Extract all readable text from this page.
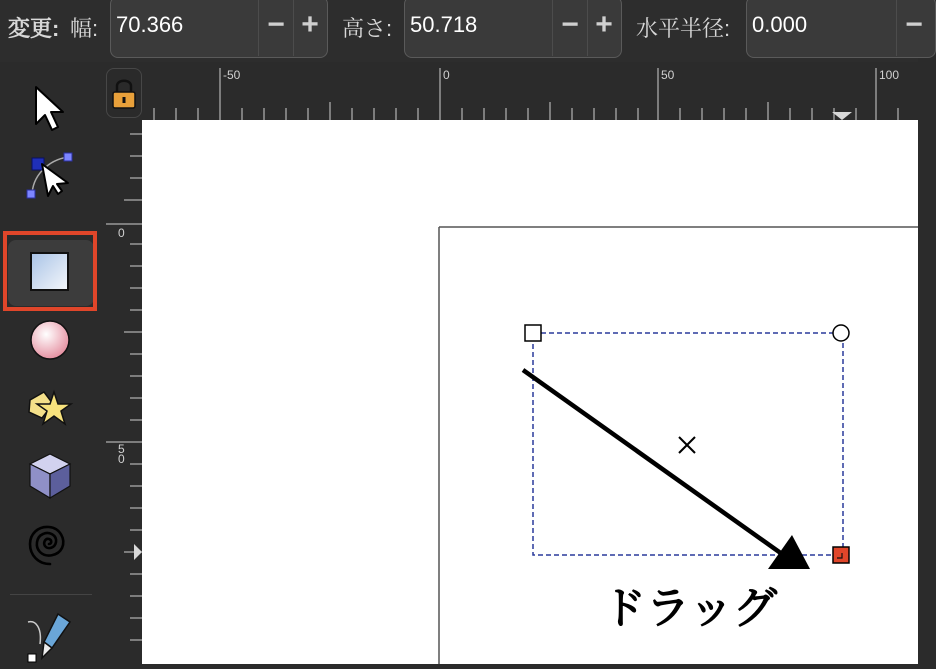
変更: 幅: 70.366	− +	高さ: 50.718	− +	水平半径: 0.000	−
-50	0	50	100
0
5
0
ドラッグ
